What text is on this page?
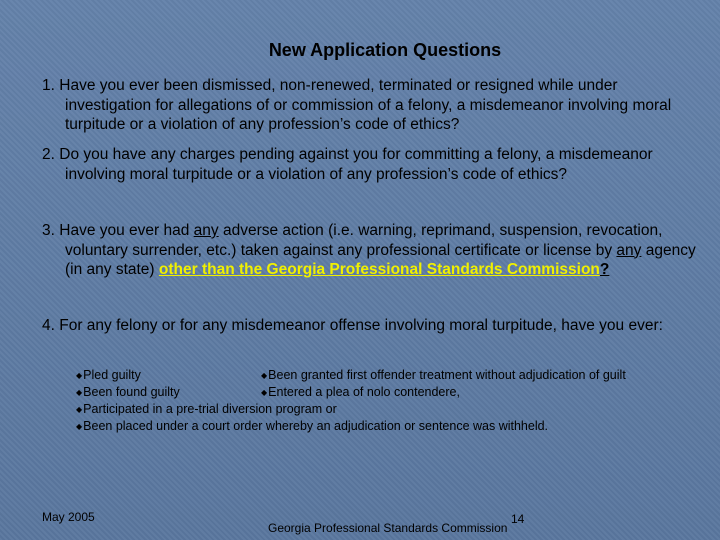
New Application Questions
1. Have you ever been dismissed, non-renewed, terminated or resigned while under investigation for allegations of or commission of a felony, a misdemeanor involving moral turpitude or a violation of any profession’s code of ethics?
2. Do you have any charges pending against you for committing a felony, a misdemeanor involving moral turpitude or a violation of any profession’s code of ethics?
3. Have you ever had any adverse action (i.e. warning, reprimand, suspension, revocation, voluntary surrender, etc.) taken against any professional certificate or license by any agency (in any state) other than the Georgia Professional Standards Commission?
4. For any felony or for any misdemeanor offense involving moral turpitude, have you ever:
◆Pled guilty	◆Been granted first offender treatment without adjudication of guilt
◆Been found guilty	◆Entered a plea of nolo contendere,
◆Participated in a pre-trial diversion program or
◆Been placed under a court order whereby an adjudication or sentence was withheld.
May 2005	14
Georgia Professional Standards Commission
